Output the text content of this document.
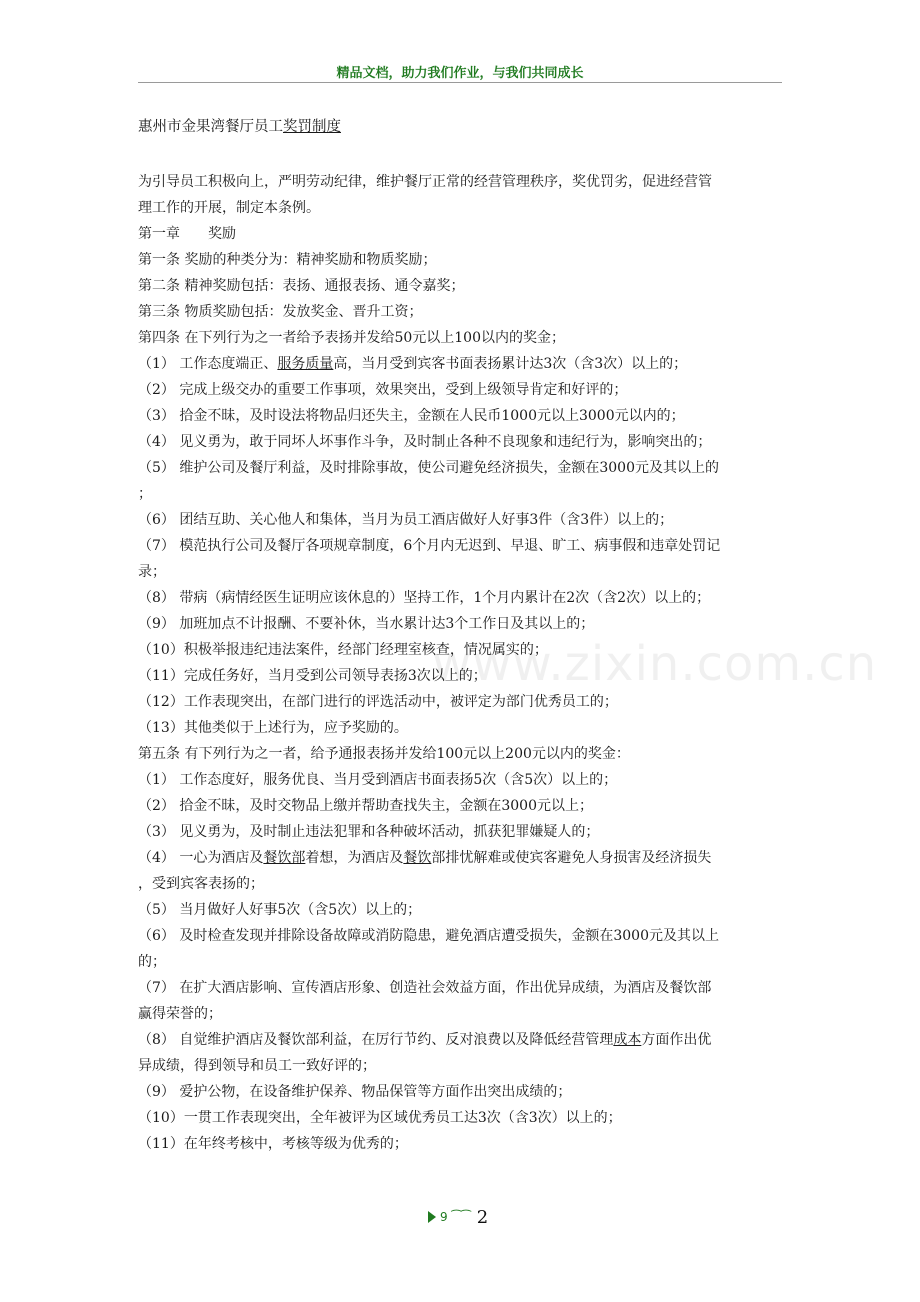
精品文档，助力我们作业，与我们共同成长
惠州市金果湾餐厅员工奖罚制度
www.zixin.com.cn
为引导员工积极向上，严明劳动纪律，维护餐厅正常的经营管理秩序，奖优罚劣，促进经营管
理工作的开展，制定本条例。
第一章　　奖励
第一条 奖励的种类分为：精神奖励和物质奖励；
第二条 精神奖励包括：表扬、通报表扬、通令嘉奖；
第三条 物质奖励包括：发放奖金、晋升工资；
第四条 在下列行为之一者给予表扬并发给50元以上100以内的奖金；
（1） 工作态度端正、服务质量高，当月受到宾客书面表扬累计达3次（含3次）以上的；
（2） 完成上级交办的重要工作事项，效果突出，受到上级领导肯定和好评的；
（3） 拾金不昧，及时设法将物品归还失主，金额在人民币1000元以上3000元以内的；
（4） 见义勇为，敢于同坏人坏事作斗争，及时制止各种不良现象和违纪行为，影响突出的；
（5） 维护公司及餐厅利益，及时排除事故，使公司避免经济损失，金额在3000元及其以上的
；
（6） 团结互助、关心他人和集体，当月为员工酒店做好人好事3件（含3件）以上的；
（7） 模范执行公司及餐厅各项规章制度，6个月内无迟到、早退、旷工、病事假和违章处罚记
录；
（8） 带病（病情经医生证明应该休息的）坚持工作，1个月内累计在2次（含2次）以上的；
（9） 加班加点不计报酬、不要补休，当水累计达3个工作日及其以上的；
（10）积极举报违纪违法案件，经部门经理室核查，情况属实的；
（11）完成任务好，当月受到公司领导表扬3次以上的；
（12）工作表现突出，在部门进行的评选活动中，被评定为部门优秀员工的；
（13）其他类似于上述行为，应予奖励的。
第五条 有下列行为之一者，给予通报表扬并发给100元以上200元以内的奖金：
（1） 工作态度好，服务优良、当月受到酒店书面表扬5次（含5次）以上的；
（2） 拾金不昧，及时交物品上缴并帮助查找失主，金额在3000元以上；
（3） 见义勇为，及时制止违法犯罪和各种破坏活动，抓获犯罪嫌疑人的；
（4） 一心为酒店及餐饮部着想，为酒店及餐饮部排忧解难或使宾客避免人身损害及经济损失
，受到宾客表扬的；
（5） 当月做好人好事5次（含5次）以上的；
（6） 及时检查发现并排除设备故障或消防隐患，避免酒店遭受损失，金额在3000元及其以上
的；
（7） 在扩大酒店影响、宣传酒店形象、创造社会效益方面，作出优异成绩，为酒店及餐饮部
赢得荣誉的；
（8） 自觉维护酒店及餐饮部利益，在厉行节约、反对浪费以及降低经营管理成本方面作出优
异成绩，得到领导和员工一致好评的；
（9） 爱护公物，在设备维护保养、物品保管等方面作出突出成绩的；
（10）一贯工作表现突出，全年被评为区域优秀员工达3次（含3次）以上的；
（11）在年终考核中，考核等级为优秀的；
9 ⁀⁀ 2
